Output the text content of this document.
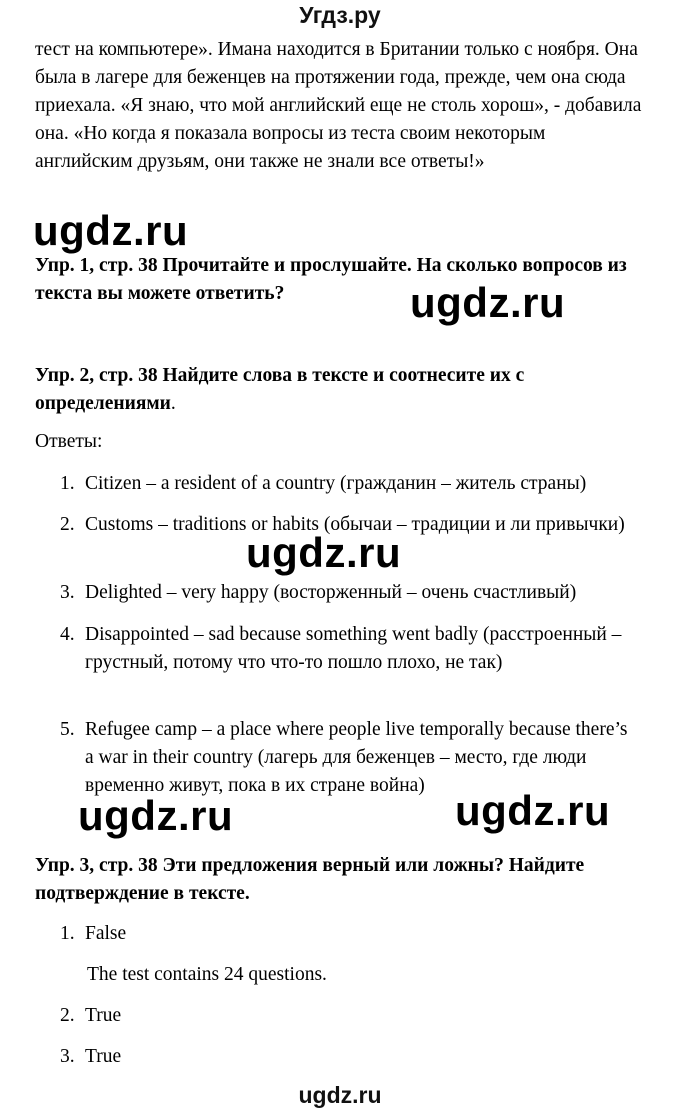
Угдз.ру
тест на компьютере». Имана находится в Британии только с ноября. Она была в лагере для беженцев на протяжении года, прежде, чем она сюда приехала. «Я знаю, что мой английский еще не столь хорош», - добавила она. «Но когда я показала вопросы из теста своим некоторым английским друзьям, они также не знали все ответы!»
ugdz.ru
Упр. 1, стр. 38 Прочитайте и прослушайте. На сколько вопросов из текста вы можете ответить?	ugdz.ru
Упр. 2, стр. 38 Найдите слова в тексте и соотнесите их с определениями.
Ответы:
1. Citizen – a resident of a country (гражданин – житель страны)
2. Customs – traditions or habits (обычаи – традиции и ли привычки)
ugdz.ru
3. Delighted – very happy (восторженный – очень счастливый)
4. Disappointed – sad because something went badly (расстроенный – грустный, потому что что-то пошло плохо, не так)
5. Refugee camp – a place where people live temporally because there’s a war in their country (лагерь для беженцев – место, где люди временно живут, пока в их стране война)
ugdz.ru	ugdz.ru
Упр. 3, стр. 38 Эти предложения верный или ложны? Найдите подтверждение в тексте.
1. False
The test contains 24 questions.
2. True
3. True
ugdz.ru
